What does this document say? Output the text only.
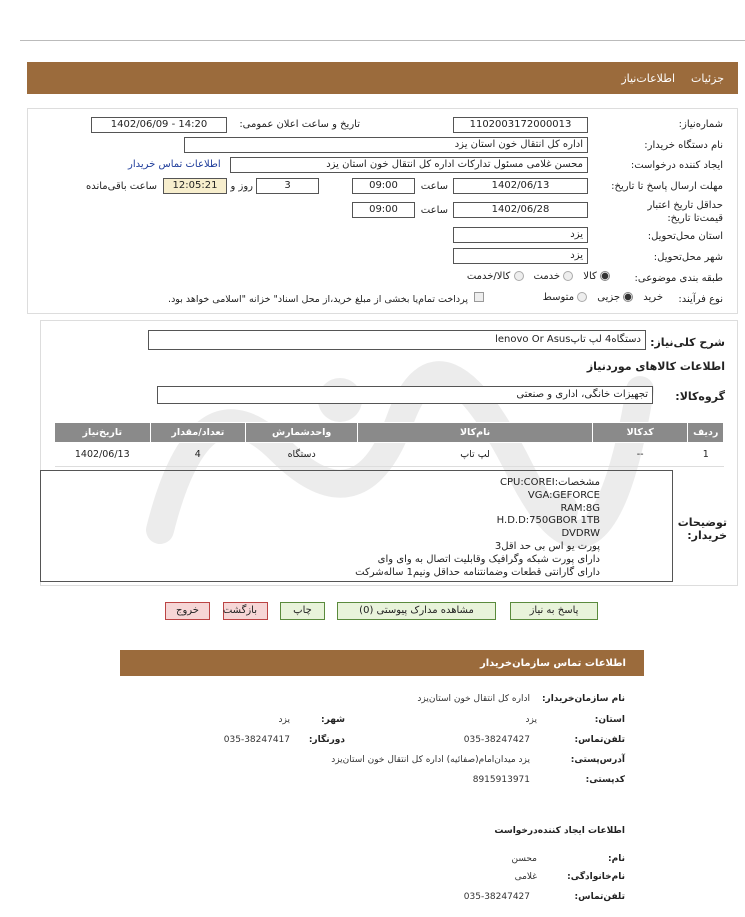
جزئیات
اطلاعات‌نیاز
شماره‌نیاز:
1102003172000013
تاریخ و ساعت اعلان عمومی:
1402/06/09 - 14:20
نام دستگاه‌ خریدار:
اداره کل انتقال خون استان یزد
ایجاد کننده‌ درخواست:
محسن غلامی مسئول تدارکات اداره کل انتقال خون استان یزد
اطلاعات تماس خریدار
مهلت ارسال پاسخ تا تاریخ:
1402/06/13
ساعت
09:00
3
روز و
12:05:21
ساعت باقی‌مانده
حداقل تاریخ اعتبار قیمت‌تا تاریخ:
1402/06/28
ساعت
09:00
استان محل‌تحویل:
یزد
شهر محل‌تحویل:
یزد
طبقه بندی موضوعی:
کالا
خدمت
کالا/خدمت
نوع فرآیند:
خرید
جزیی
متوسط
پرداخت تمام‌یا بخشی از مبلغ خرید،از محل اسناد" خزانه "اسلامی خواهد بود.
شرح کلی‌نیاز:
دستگاه4 لپ تاپlenovo Or Asus
اطلاعات کالاهای موردنیاز
گروه‌کالا:
تجهیزات خانگی، اداری و صنعتی
ردیف	کدکالا	نام‌کالا	واحدشمارش	تعداد/مقدار	تاریخ‌نیاز
1	--	لپ تاپ	دستگاه	4	1402/06/13
توضیحات خریدار:
مشخصات:CPU:COREI
VGA:GEFORCE
RAM:8G
H.D.D:750GBOR 1TB
DVDRW
پورت یو اس بی حد اقل3
دارای پورت شبکه وگرافیک وقابلیت اتصال به وای وای
دارای گارانتی قطعات وضمانتنامه حداقل ونیم1 ساله‌شرکت
پاسخ به نیاز
مشاهده مدارک پیوستی (0)
چاپ
بازگشت
خروج
اطلاعات تماس سازمان‌خریدار
نام سازمان‌خریدار:
اداره کل انتقال خون استان‌یزد
استان:
یزد
شهر:
یزد
تلفن‌تماس:
035-38247427
دورنگار:
035-38247417
آدرس‌پستی:
یزد میدان‌امام(صفائیه) اداره کل انتقال خون استان‌یزد
کد‌پستی:
8915913971
اطلاعات ایجاد کننده‌درخواست
نام:
محسن
نام‌خانوادگی:
غلامی
تلفن‌تماس:
035-38247427
